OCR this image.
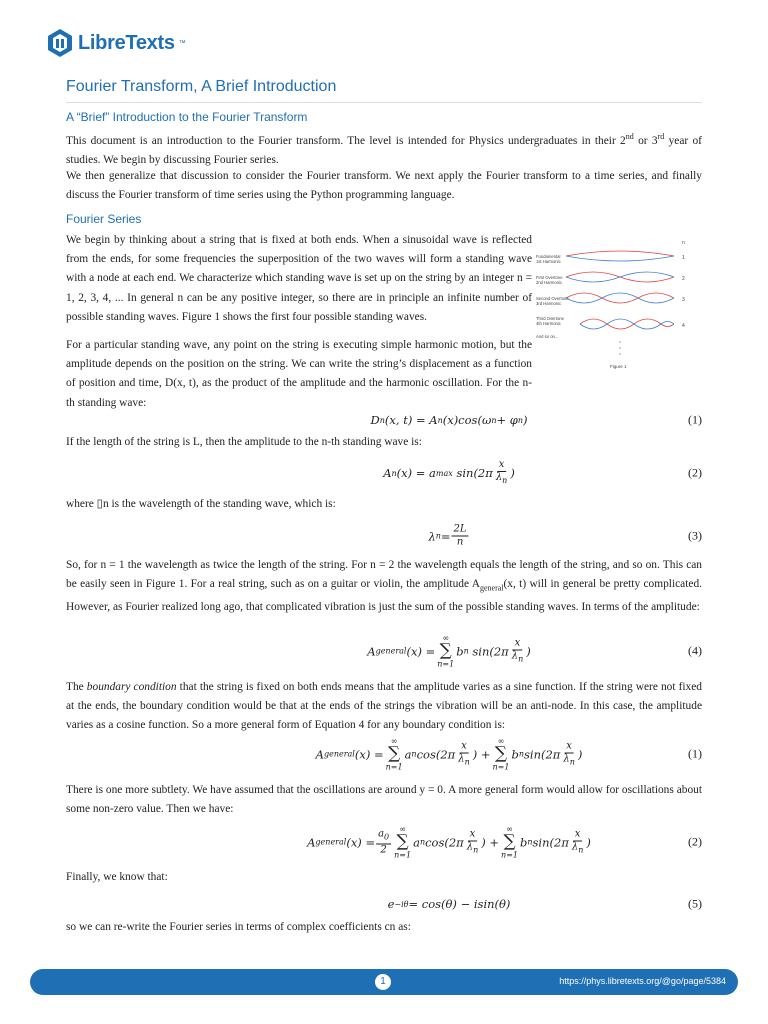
LibreTexts ™
Fourier Transform, A Brief Introduction
A “Brief” Introduction to the Fourier Transform
This document is an introduction to the Fourier transform. The level is intended for Physics undergraduates in their 2nd or 3rd year of studies. We begin by discussing Fourier series.
We then generalize that discussion to consider the Fourier transform. We next apply the Fourier transform to a time series, and finally discuss the Fourier transform of time series using the Python programming language.
Fourier Series
We begin by thinking about a string that is fixed at both ends. When a sinusoidal wave is reflected from the ends, for some frequencies the superposition of the two waves will form a standing wave with a node at each end. We characterize which standing wave is set up on the string by an integer n = 1, 2, 3, 4, ... In general n can be any positive integer, so there are in principle an infinite number of possible standing waves. Figure 1 shows the first four possible standing waves.
n
Fundamental
1st Harmonic
1
First Overtone
2nd Harmonic
2
Second Overtone
3rd Harmonic
3
Third Overtone
4th Harmonic	4
And so on...
Figure 1
For a particular standing wave, any point on the string is executing simple harmonic motion, but the amplitude depends on the position on the string. We can write the string’s displacement as a function of position and time, D(x, t), as the product of the amplitude and the harmonic oscillation. For the n-th standing wave:
D n (x, t) = A n (x)cos(ω n + φ n )	(1)
If the length of the string is L, then the amplitude to the n-th standing wave is:
A n (x) = a $\max \sin(2\pi \frac{x}{\lambda_n}$ )	(2)
where ▯n is the wavelength of the standing wave, which is:
λ $n = \frac{2L}{n}$	(3)
So, for n = 1 the wavelength as twice the length of the string. For n = 2 the wavelength equals the length of the string, and so on. This can be easily seen in Figure 1. For a real string, such as on a guitar or violin, the amplitude $A_{general}(x$, t) will in general be pretty complicated. However, as Fourier realized long ago, that complicated vibration is just the sum of the possible standing waves. In terms of the amplitude:
A general (x) =
∞
∑
n=1
b n $\sin(2\pi \frac{x}{\lambda_n}$ )	(4)
The boundary condition that the string is fixed on both ends means that the amplitude varies as a sine function. If the string were not fixed at the ends, the boundary condition would be that at the ends of the strings the vibration will be an anti-node. In this case, the amplitude varies as a cosine function. So a more general form of Equation 4 for any boundary condition is:
A general (x) =
∞
∑
n=1
a n $\cos(2\pi \frac{x}{\lambda_n}$ ) +
∞
∑
n=1
b n $\sin(2\pi \frac{x}{\lambda_n}$ )	(1)
There is one more subtlety. We have assumed that the oscillations are around y = 0. A more general form would allow for oscillations about some non-zero value. Then we have:
A general $(x) = \frac{a_0}{2}$ ∞
∑
n=1
a n $\cos(2\pi \frac{x}{\lambda_n}$ ) +
∞
∑
n=1
b n $\sin(2\pi \frac{x}{\lambda_n}$ )	(2)
Finally, we know that:
e −iθ = cos(θ) − isin(θ)	(5)
so we can re-write the Fourier series in terms of complex coefficients cn as:
1	https://phys.libretexts.org/@go/page/5384
